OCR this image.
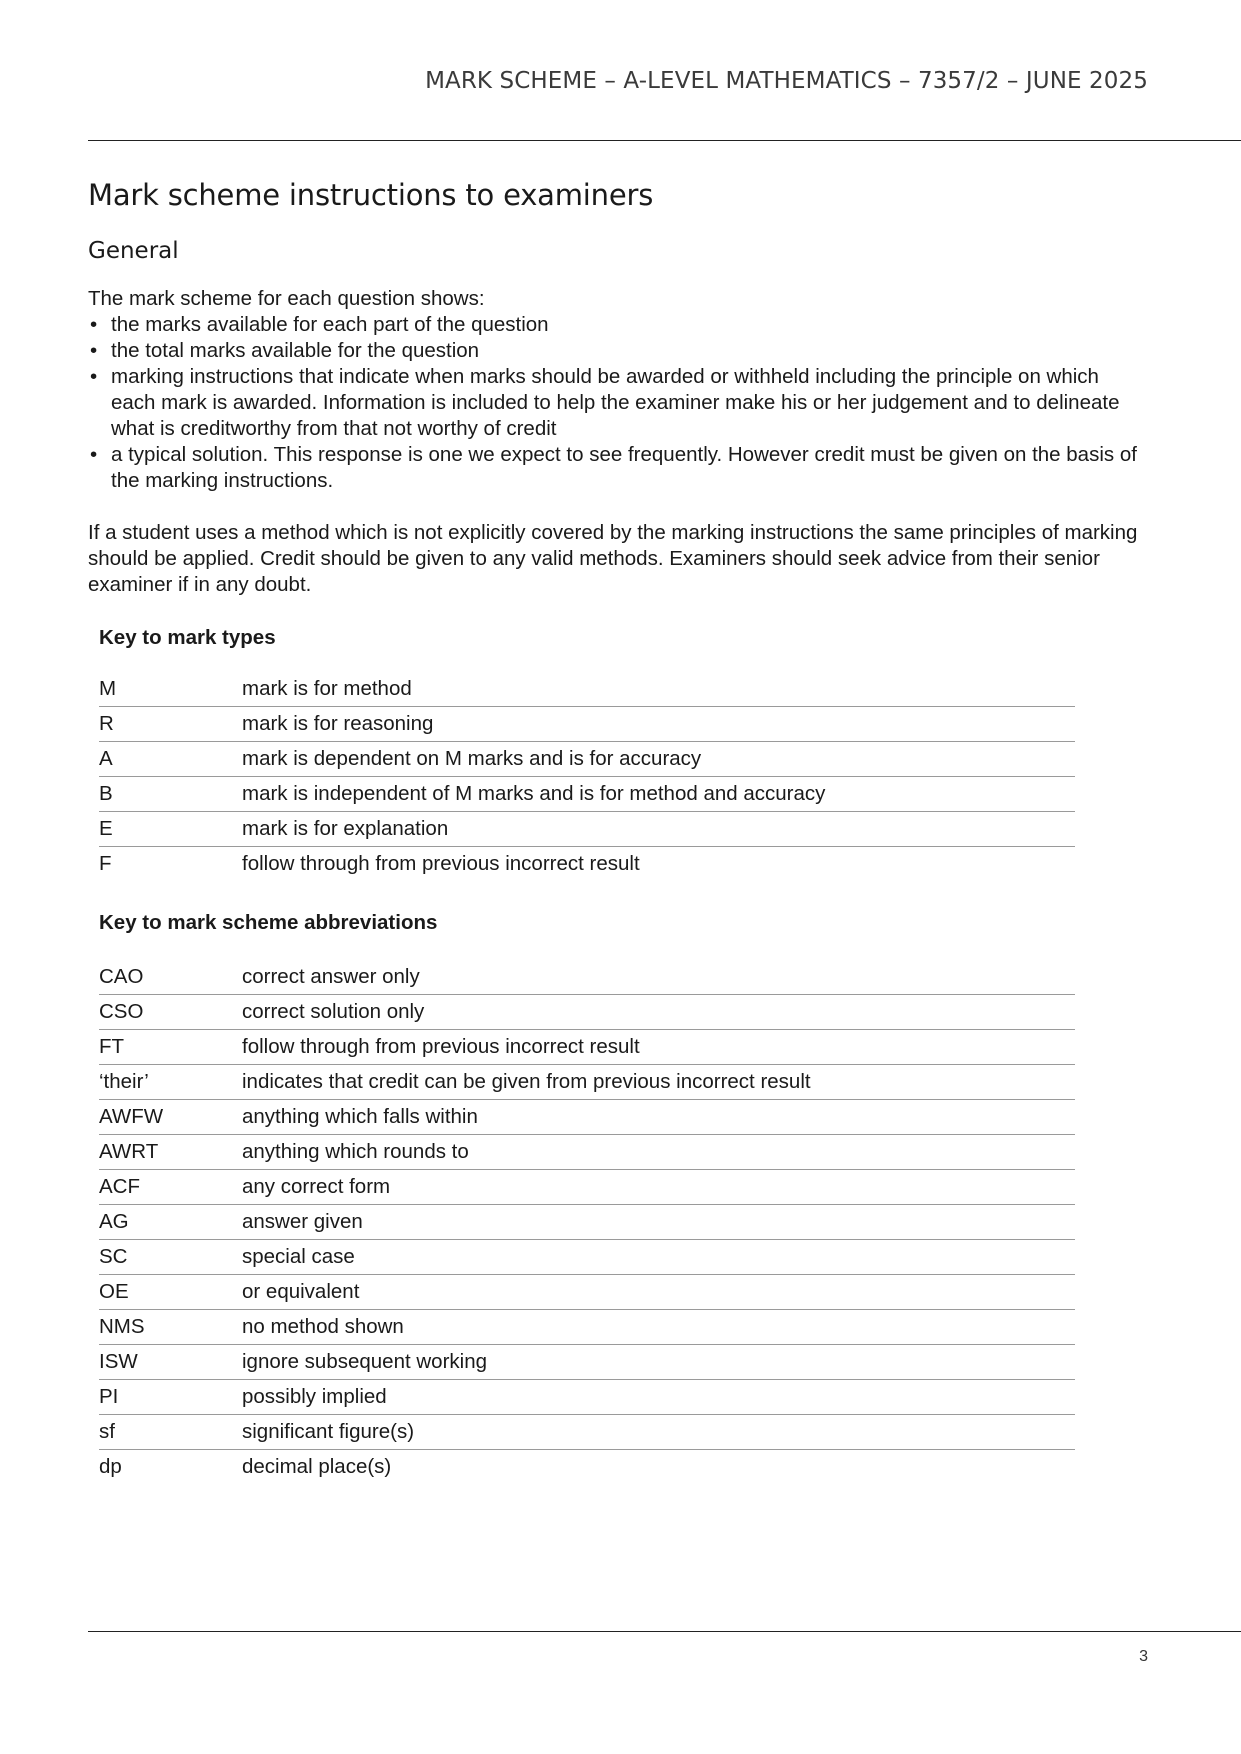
MARK SCHEME – A-LEVEL MATHEMATICS – 7357/2 – JUNE 2025
Mark scheme instructions to examiners
General

The mark scheme for each question shows:

• the marks available for each part of the question
• the total marks available for the question
• marking instructions that indicate when marks should be awarded or withheld including the principle on which each mark is awarded. Information is included to help the examiner make his or her judgement and to delineate what is creditworthy from that not worthy of credit
• a typical solution. This response is one we expect to see frequently. However credit must be given on the basis of the marking instructions.

If a student uses a method which is not explicitly covered by the marking instructions the same principles of marking should be applied. Credit should be given to any valid methods. Examiners should seek advice from their senior examiner if in any doubt.

Key to mark types
M	mark is for method
R	mark is for reasoning
A	mark is dependent on M marks and is for accuracy
B	mark is independent of M marks and is for method and accuracy
E	mark is for explanation
F	follow through from previous incorrect result
Key to mark scheme abbreviations
CAO	correct answer only
CSO	correct solution only
FT	follow through from previous incorrect result
‘their’	indicates that credit can be given from previous incorrect result
AWFW	anything which falls within
AWRT	anything which rounds to
ACF	any correct form
AG	answer given
SC	special case
OE	or equivalent
NMS	no method shown
ISW	ignore subsequent working
PI	possibly implied
sf	significant figure(s)
dp	decimal place(s)
3
